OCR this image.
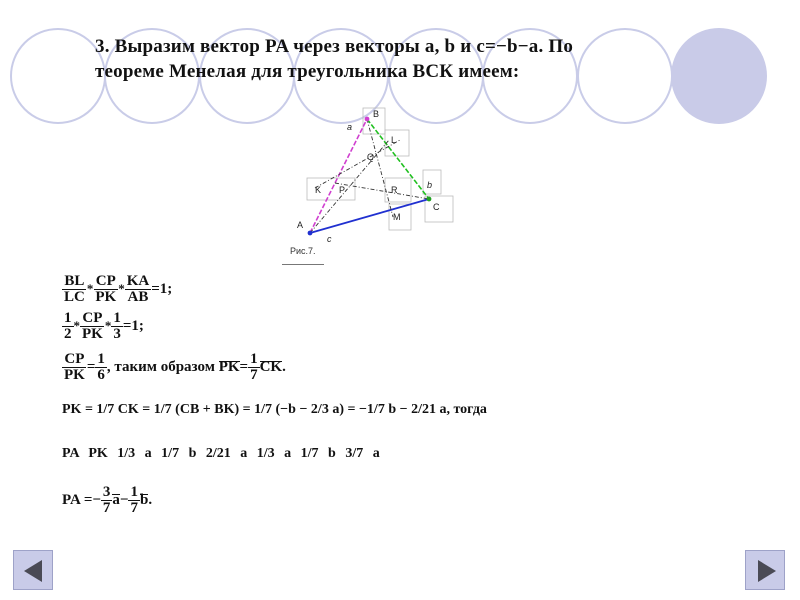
3. Выразим вектор PA через векторы a, b и c=−b−a. По
теореме Менелая для треугольника ВСК имеем:
B
a
L
Q
K P	R	b
C
M
A
c
Рис.7.
$\frac{BL}{LC} * \frac{CP}{PK} * \frac{KA}{AB} =1$;
$\frac{1}{2} * \frac{CP}{PK} * \frac{1}{3} =1$;
$\frac{CP}{PK} = \frac{1}{6}$ , таким образом $PK= \frac{1}{7}$ CK.
PK = 1/7 CK = 1/7 (CB + BK) = 1/7 (−b − 2/3 a) = −1/7 b − 2/21 a, тогда
PA PK 1/3 a 1/7 b 2/21 a 1/3 a 1/7 b 3/7 a
PA =− $\frac{3}{7} a- \frac{1}{7} b$.
